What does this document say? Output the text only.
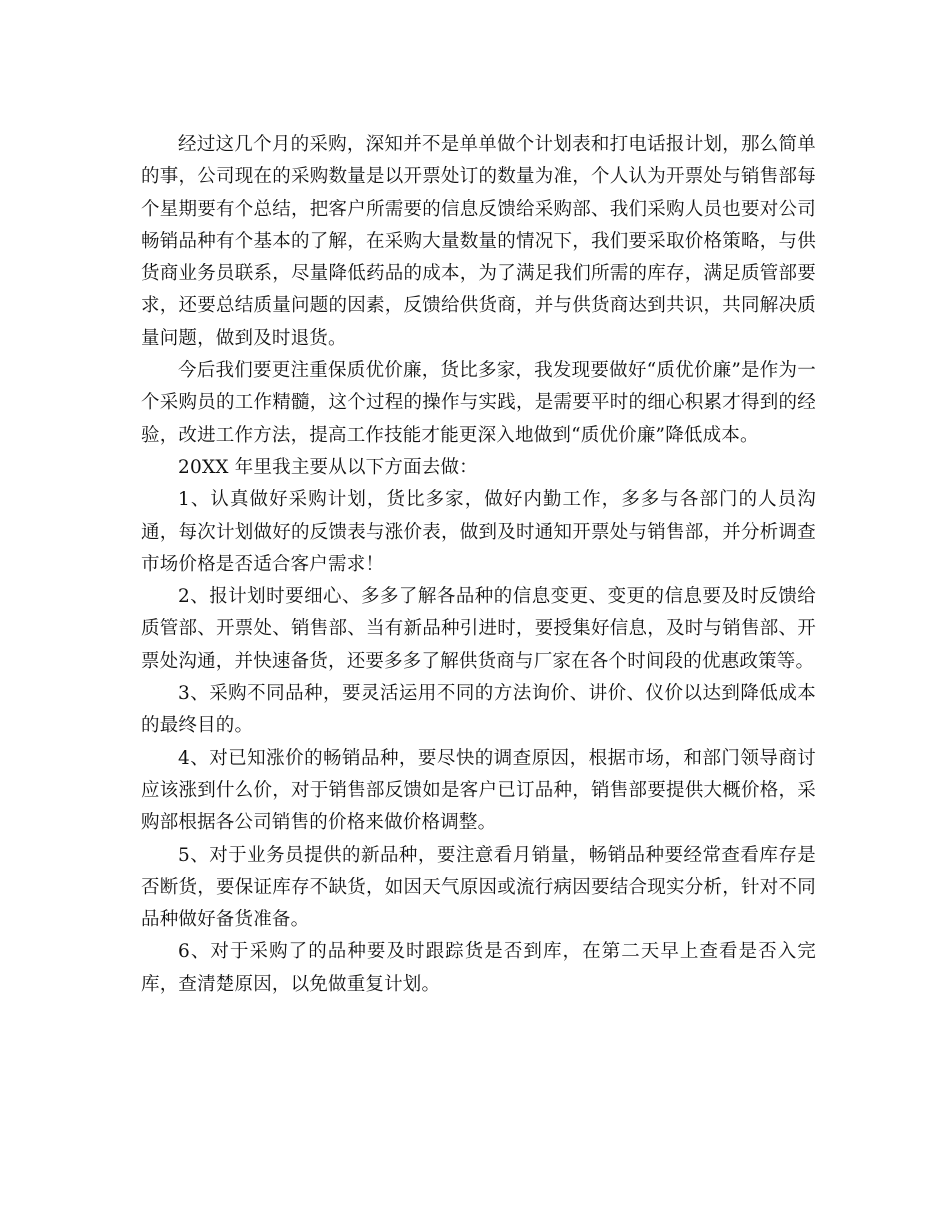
经过这几个月的采购，深知并不是单单做个计划表和打电话报计划，那么简单的事，公司现在的采购数量是以开票处订的数量为准，个人认为开票处与销售部每个星期要有个总结，把客户所需要的信息反馈给采购部、我们采购人员也要对公司畅销品种有个基本的了解，在采购大量数量的情况下，我们要采取价格策略，与供货商业务员联系，尽量降低药品的成本，为了满足我们所需的库存，满足质管部要求，还要总结质量问题的因素，反馈给供货商，并与供货商达到共识，共同解决质量问题，做到及时退货。

今后我们要更注重保质优价廉，货比多家，我发现要做好“质优价廉”是作为一个采购员的工作精髓，这个过程的操作与实践，是需要平时的细心积累才得到的经验，改进工作方法，提高工作技能才能更深入地做到“质优价廉”降低成本。

20XX 年里我主要从以下方面去做：

1、认真做好采购计划，货比多家，做好内勤工作，多多与各部门的人员沟通，每次计划做好的反馈表与涨价表，做到及时通知开票处与销售部，并分析调查市场价格是否适合客户需求！

2、报计划时要细心、多多了解各品种的信息变更、变更的信息要及时反馈给质管部、开票处、销售部、当有新品种引进时，要授集好信息，及时与销售部、开票处沟通，并快速备货，还要多多了解供货商与厂家在各个时间段的优惠政策等。

3、采购不同品种，要灵活运用不同的方法询价、讲价、仪价以达到降低成本的最终目的。

4、对已知涨价的畅销品种，要尽快的调查原因，根据市场，和部门领导商讨应该涨到什么价，对于销售部反馈如是客户已订品种，销售部要提供大概价格，采购部根据各公司销售的价格来做价格调整。

5、对于业务员提供的新品种，要注意看月销量，畅销品种要经常查看库存是否断货，要保证库存不缺货，如因天气原因或流行病因要结合现实分析，针对不同品种做好备货准备。

6、对于采购了的品种要及时跟踪货是否到库，在第二天早上查看是否入完库，查清楚原因，以免做重复计划。
